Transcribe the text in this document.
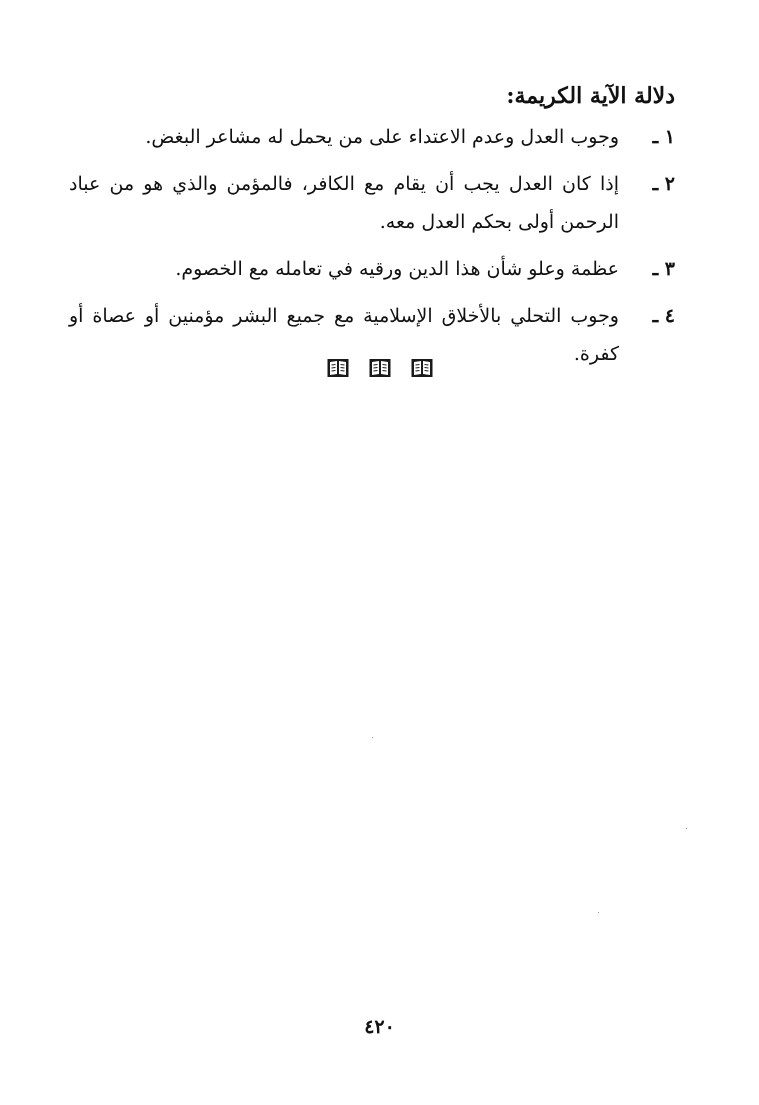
دلالة الآية الكريمة:
١ ـ
وجوب العدل وعدم الاعتداء على من يحمل له مشاعر البغض.
٢ ـ
إذا كان العدل يجب أن يقام مع الكافر، فالمؤمن والذي هو من عباد الرحمن أولى بحكم العدل معه.
٣ ـ
عظمة وعلو شأن هذا الدين ورقيه في تعامله مع الخصوم.
٤ ـ
وجوب التحلي بالأخلاق الإسلامية مع جميع البشر مؤمنين أو عصاة أو كفرة.
٤٢٠
